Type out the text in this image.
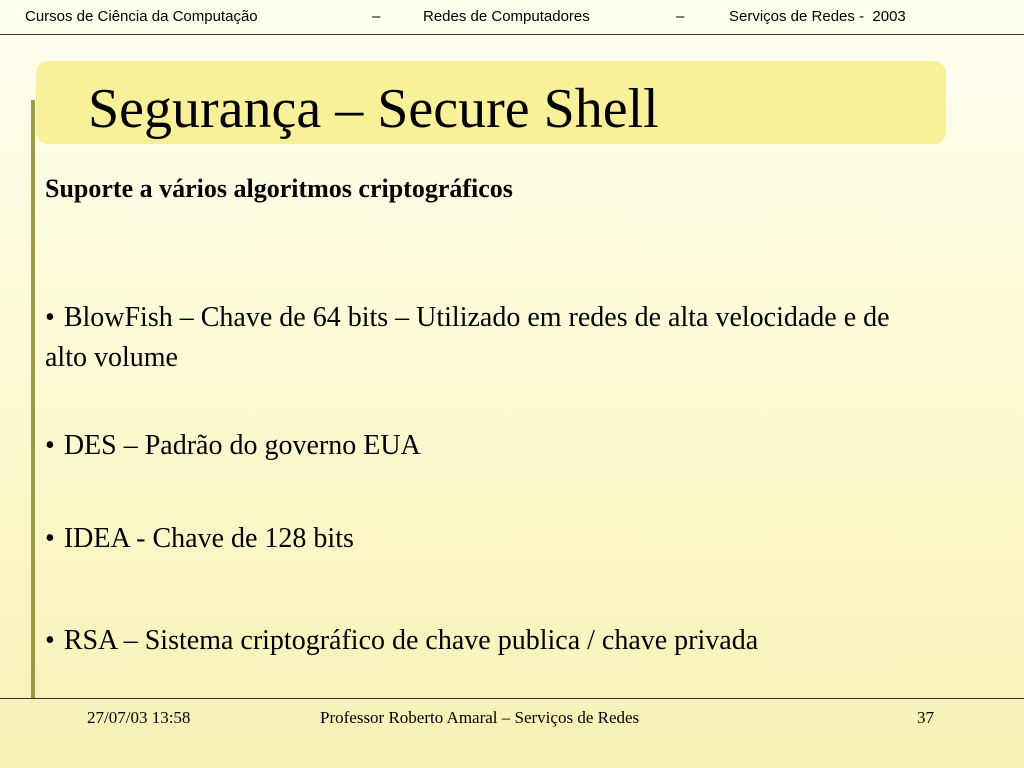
Cursos de Ciência da Computação

	–

	Redes de Computadores

	–

	Serviços de Redes -  2003

Segurança – Secure Shell
Suporte a vários algoritmos criptográficos
• BlowFish – Chave de 64 bits – Utilizado em redes de alta velocidade e de alto volume
• DES – Padrão do governo EUA
• IDEA - Chave de 128 bits
• RSA – Sistema criptográfico de chave publica / chave privada
27/07/03 13:58	Professor Roberto Amaral – Serviços de Redes	37
